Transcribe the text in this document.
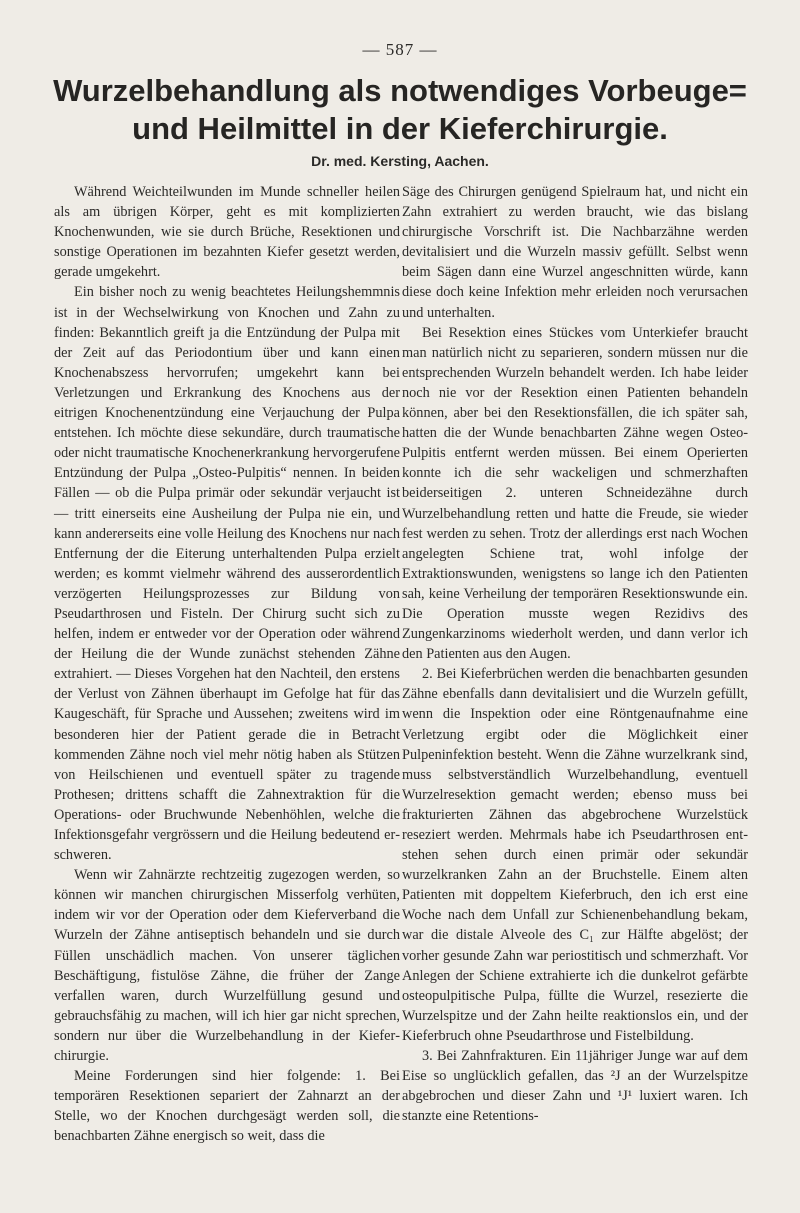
— 587 —
Wurzelbehandlung als notwendiges Vorbeuge= und Heilmittel in der Kieferchirurgie.
Dr. med. Kersting, Aachen.

Während Weichteilwunden im Munde schneller heilen als am übrigen Körper, geht es mit komplizierten Knochenwunden, wie sie durch Brüche, Resektionen und sonstige Operationen im bezahnten Kiefer gesetzt werden, gerade umgekehrt.

Ein bisher noch zu wenig beachtetes Heilungshemmnis ist in der Wechselwirkung von Knochen und Zahn zu finden: Bekanntlich greift ja die Entzündung der Pulpa mit der Zeit auf das Periodontium über und kann einen Knochenabszess hervorrufen; umgekehrt kann bei Verletzungen und Erkrankung des Knochens aus der eitrigen Knochenentzündung eine Verjauchung der Pulpa entstehen. Ich möchte diese sekundäre, durch traumatische oder nicht traumatische Knochenerkrankung hervorgerufene Entzündung der Pulpa „Osteo-Pulpitis“ nennen. In beiden Fällen — ob die Pulpa primär oder sekundär verjaucht ist — tritt einerseits eine Ausheilung der Pulpa nie ein, und kann andererseits eine volle Heilung des Knochens nur nach Entfernung der die Eiterung unterhaltenden Pulpa erzielt werden; es kommt vielmehr während des ausserordentlich verzögerten Heilungsprozesses zur Bildung von Pseudarthrosen und Fisteln. Der Chirurg sucht sich zu helfen, indem er entweder vor der Operation oder während der Heilung die der Wunde zunächst stehenden Zähne extrahiert. — Dieses Vorgehen hat den Nachteil, den erstens der Verlust von Zähnen überhaupt im Gefolge hat für das Kaugeschäft, für Sprache und Aussehen; zweitens wird im besonderen hier der Patient gerade die in Betracht kommenden Zähne noch viel mehr nötig haben als Stützen von Heilschienen und eventuell später zu tragende Prothesen; drittens schafft die Zahnextraktion für die Operations- oder Bruchwunde Nebenhöhlen, welche die Infektionsgefahr vergrössern und die Heilung bedeutend erschweren.

Wenn wir Zahnärzte rechtzeitig zugezogen werden, so können wir manchen chirurgischen Misserfolg verhüten, indem wir vor der Operation oder dem Kieferverband die Wurzeln der Zähne antiseptisch behandeln und sie durch Füllen unschädlich machen. Von unserer täglichen Beschäftigung, fistulöse Zähne, die früher der Zange verfallen waren, durch Wurzelfüllung gesund und gebrauchsfähig zu machen, will ich hier gar nicht sprechen, sondern nur über die Wurzelbehandlung in der Kieferchirurgie.

Meine Forderungen sind hier folgende: 1. Bei temporären Resektionen separiert der Zahnarzt an der Stelle, wo der Knochen durchgesägt werden soll, die benachbarten Zähne energisch so weit, dass die

Säge des Chirurgen genügend Spielraum hat, und nicht ein Zahn extrahiert zu werden braucht, wie das bislang chirurgische Vorschrift ist. Die Nachbarzähne werden devitalisiert und die Wurzeln massiv gefüllt. Selbst wenn beim Sägen dann eine Wurzel angeschnitten würde, kann diese doch keine Infektion mehr erleiden noch verursachen und unterhalten.

Bei Resektion eines Stückes vom Unterkiefer braucht man natürlich nicht zu separieren, sondern müssen nur die entsprechenden Wurzeln behandelt werden. Ich habe leider noch nie vor der Resektion einen Patienten behandeln können, aber bei den Resektionsfällen, die ich später sah, hatten die der Wunde benachbarten Zähne wegen Osteo-Pulpitis entfernt werden müssen. Bei einem Operierten konnte ich die sehr wackeligen und schmerzhaften beiderseitigen 2. unteren Schneidezähne durch Wurzelbehandlung retten und hatte die Freude, sie wieder fest werden zu sehen. Trotz der allerdings erst nach Wochen angelegten Schiene trat, wohl infolge der Extraktionswunden, wenigstens so lange ich den Patienten sah, keine Verheilung der temporären Resektionswunde ein. Die Operation musste wegen Rezidivs des Zungenkarzinoms wiederholt werden, und dann verlor ich den Patienten aus den Augen.

2. Bei Kieferbrüchen werden die benachbarten gesunden Zähne ebenfalls dann devitalisiert und die Wurzeln gefüllt, wenn die Inspektion oder eine Röntgenaufnahme eine Verletzung ergibt oder die Möglichkeit einer Pulpeninfektion besteht. Wenn die Zähne wurzelkrank sind, muss selbstverständlich Wurzelbehandlung, eventuell Wurzelresektion gemacht werden; ebenso muss bei frakturierten Zähnen das abgebrochene Wurzelstück reseziert werden. Mehrmals habe ich Pseudarthrosen entstehen sehen durch einen primär oder sekundär wurzelkranken Zahn an der Bruchstelle. Einem alten Patienten mit doppeltem Kieferbruch, den ich erst eine Woche nach dem Unfall zur Schienenbehandlung bekam, war die distale Alveole des C₁ zur Hälfte abgelöst; der vorher gesunde Zahn war periostitisch und schmerzhaft. Vor Anlegen der Schiene extrahierte ich die dunkelrot gefärbte osteopulpitische Pulpa, füllte die Wurzel, resezierte die Wurzelspitze und der Zahn heilte reaktionslos ein, und der Kieferbruch ohne Pseudarthrose und Fistelbildung.

3. Bei Zahnfrakturen. Ein 11jähriger Junge war auf dem Eise so unglücklich gefallen, das ²J an der Wurzelspitze abgebrochen und dieser Zahn und ¹J¹ luxiert waren. Ich stanzte eine Retentions-
